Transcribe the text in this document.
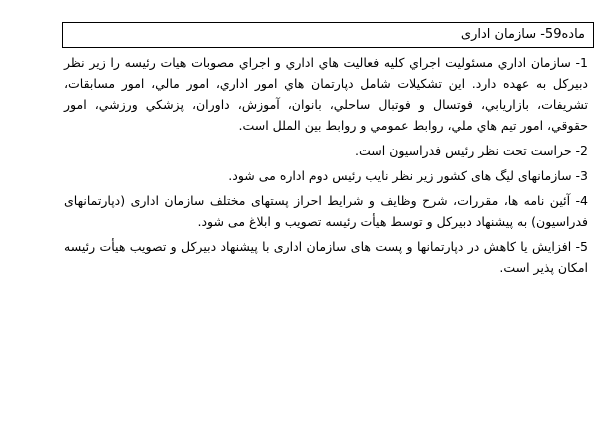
ماده59- سازمان اداری

1- سازمان اداري مسئوليت اجراي كليه فعاليت هاي اداري و اجراي مصوبات هيات رئيسه را زير نظر دبيركل به عهده دارد. اين تشكيلات شامل دپارتمان هاي امور اداري، امور مالي، امور مسابقات، تشريفات، بازاريابي، فوتسال و فوتبال ساحلي، بانوان، آموزش، داوران، پزشكي ورزشي، امور حقوقي، امور تيم هاي ملي، روابط عمومي و روابط بين الملل است.

2- حراست تحت نظر رئيس فدراسيون است.

3- سازمانهای لیگ های کشور زیر نظر نایب رئیس دوم اداره می شود.

4- آئین نامه ها، مقررات، شرح وظایف و شرایط احراز پستهای مختلف سازمان اداری (دپارتمانهای فدراسیون) به پیشنهاد دبیرکل و توسط هیأت رئیسه تصویب و ابلاغ می شود.

5- افزایش یا کاهش در دپارتمانها و پست های سازمان اداری با پیشنهاد دبیرکل و تصویب هیأت رئیسه امکان پذیر است.
